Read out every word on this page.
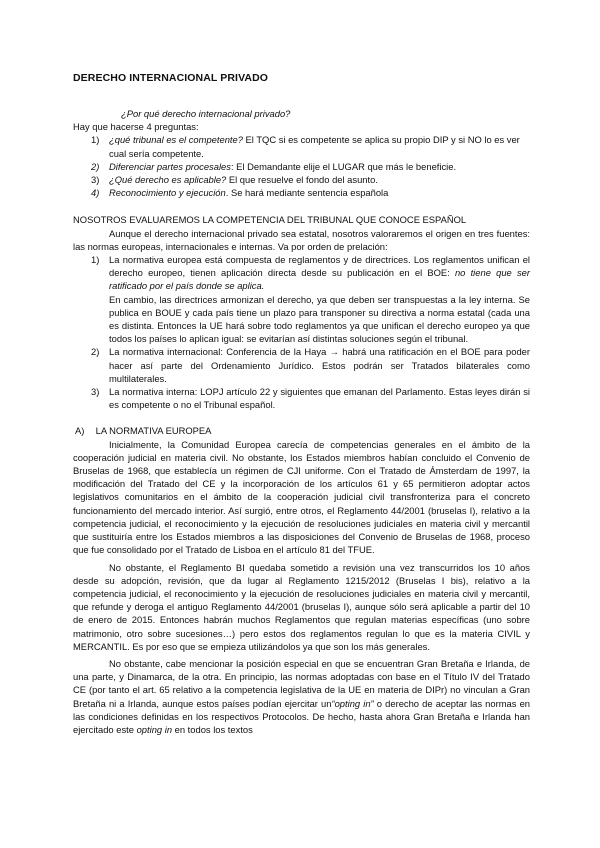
DERECHO INTERNACIONAL PRIVADO

¿Por qué derecho internacional privado?

Hay que hacerse 4 preguntas:

1) ¿qué tribunal es el competente? El TQC si es competente se aplica su propio DIP y si NO lo es ver cual sería competente.
2) Diferenciar partes procesales: El Demandante elije el LUGAR que más le beneficie.
3) ¿Qué derecho es aplicable? El que resuelve el fondo del asunto.
4) Reconocimiento y ejecución. Se hará mediante sentencia española

NOSOTROS EVALUAREMOS LA COMPETENCIA DEL TRIBUNAL QUE CONOCE ESPAÑOL

Aunque el derecho internacional privado sea estatal, nosotros valoraremos el origen en tres fuentes: las normas europeas, internacionales e internas. Va por orden de prelación:

1) La normativa europea está compuesta de reglamentos y de directrices. Los reglamentos unifican el derecho europeo, tienen aplicación directa desde su publicación en el BOE: no tiene que ser ratificado por el país donde se aplica.
En cambio, las directrices armonizan el derecho, ya que deben ser transpuestas a la ley interna. Se publica en BOUE y cada país tiene un plazo para transponer su directiva a norma estatal (cada una es distinta. Entonces la UE hará sobre todo reglamentos ya que unifican el derecho europeo ya que todos los países lo aplican igual: se evitarían así distintas soluciones según el tribunal.
2) La normativa internacional: Conferencia de la Haya → habrá una ratificación en el BOE para poder hacer así parte del Ordenamiento Jurídico. Estos podrán ser Tratados bilaterales como multilaterales.
3) La normativa interna: LOPJ artículo 22 y siguientes que emanan del Parlamento. Estas leyes dirán si es competente o no el Tribunal español.

A) LA NORMATIVA EUROPEA

Inicialmente, la Comunidad Europea carecía de competencias generales en el ámbito de la cooperación judicial en materia civil. No obstante, los Estados miembros habían concluido el Convenio de Bruselas de 1968, que establecía un régimen de CJI uniforme. Con el Tratado de Ámsterdam de 1997, la modificación del Tratado del CE y la incorporación de los artículos 61 y 65 permitieron adoptar actos legislativos comunitarios en el ámbito de la cooperación judicial civil transfronteriza para el concreto funcionamiento del mercado interior. Así surgió, entre otros, el Reglamento 44/2001 (bruselas I), relativo a la competencia judicial, el reconocimiento y la ejecución de resoluciones judiciales en materia civil y mercantil que sustituiría entre los Estados miembros a las disposiciones del Convenio de Bruselas de 1968, proceso que fue consolidado por el Tratado de Lisboa en el artículo 81 del TFUE.

No obstante, el Reglamento BI quedaba sometido a revisión una vez transcurridos los 10 años desde su adopción, revisión, que da lugar al Reglamento 1215/2012 (Bruselas I bis), relativo a la competencia judicial, el reconocimiento y la ejecución de resoluciones judiciales en materia civil y mercantil, que refunde y deroga el antiguo Reglamento 44/2001 (bruselas I), aunque sólo será aplicable a partir del 10 de enero de 2015. Entonces habrán muchos Reglamentos que regulan materias específicas (uno sobre matrimonio, otro sobre sucesiones…) pero estos dos reglamentos regulan lo que es la materia CIVIL y MERCANTIL. Es por eso que se empieza utilizándolos ya que son los más generales.

No obstante, cabe mencionar la posición especial en que se encuentran Gran Bretaña e Irlanda, de una parte, y Dinamarca, de la otra. En principio, las normas adoptadas con base en el Título IV del Tratado CE (por tanto el art. 65 relativo a la competencia legislativa de la UE en materia de DIPr) no vinculan a Gran Bretaña ni a Irlanda, aunque estos países podían ejercitar un“opting in” o derecho de aceptar las normas en las condiciones definidas en los respectivos Protocolos. De hecho, hasta ahora Gran Bretaña e Irlanda han ejercitado este opting in en todos los textos
